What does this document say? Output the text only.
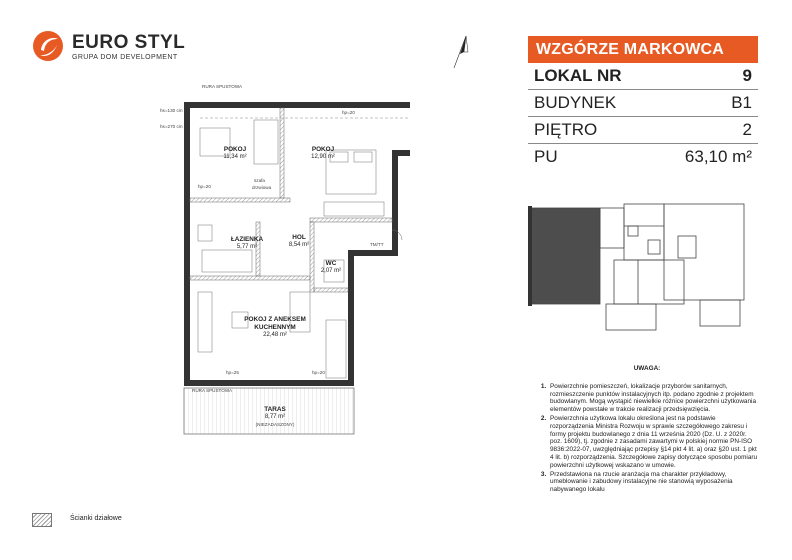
EURO STYL
GRUPA DOM DEVELOPMENT	WZGÓRZE MARKOWCA
LOKAL NR	9
BUDYNEK	B1
PIĘTRO	2
PU	63,10 m²
POKÓJ
11,34 m²
POKÓJ
12,90 m²
ŁAZIENKA
5,77 m²
HOL
8,54 m²
WC
2,07 m²
POKÓJ Z ANEKSEM KUCHENNYM
22,48 m²
TARAS
8,77 m²
(NIEZADASZONY)
hp=20
hp=20
hp=25	hp=20
RURA SPUSTOWA
RURA SPUSTOWA
hs=130 cm
hs=270 cm
szafa
drzwiowa
TM/TT
UWAGA:
1. Powierzchnie pomieszczeń, lokalizacje przyborów sanitarnych, rozmieszczenie punktów instalacyjnych itp. podano zgodnie z projektem budowlanym. Mogą wystąpić niewielkie różnice powierzchni użytkowania elementów powstałe w trakcie realizacji przedsięwzięcia.
2. Powierzchnia użytkowa lokalu określona jest na podstawie rozporządzenia Ministra Rozwoju w sprawie szczegółowego zakresu i formy projektu budowlanego z dnia 11 września 2020 (Dz. U. z 2020r. poz. 1609), tj. zgodnie z zasadami zawartymi w polskiej normie PN-ISO 9836:2022-07, uwzględniając przepisy §14 pkt 4 lit. a) oraz §20 ust. 1 pkt 4 lit. b) rozporządzenia. Szczegółowe zapisy dotyczące sposobu pomiaru powierzchni użytkowej wskazano w umowie.
3. Przedstawiona na rzucie aranżacja ma charakter przykładowy, umeblowanie i zabudowy instalacyjne nie stanowią wyposażenia nabywanego lokalu
Ścianki działowe
